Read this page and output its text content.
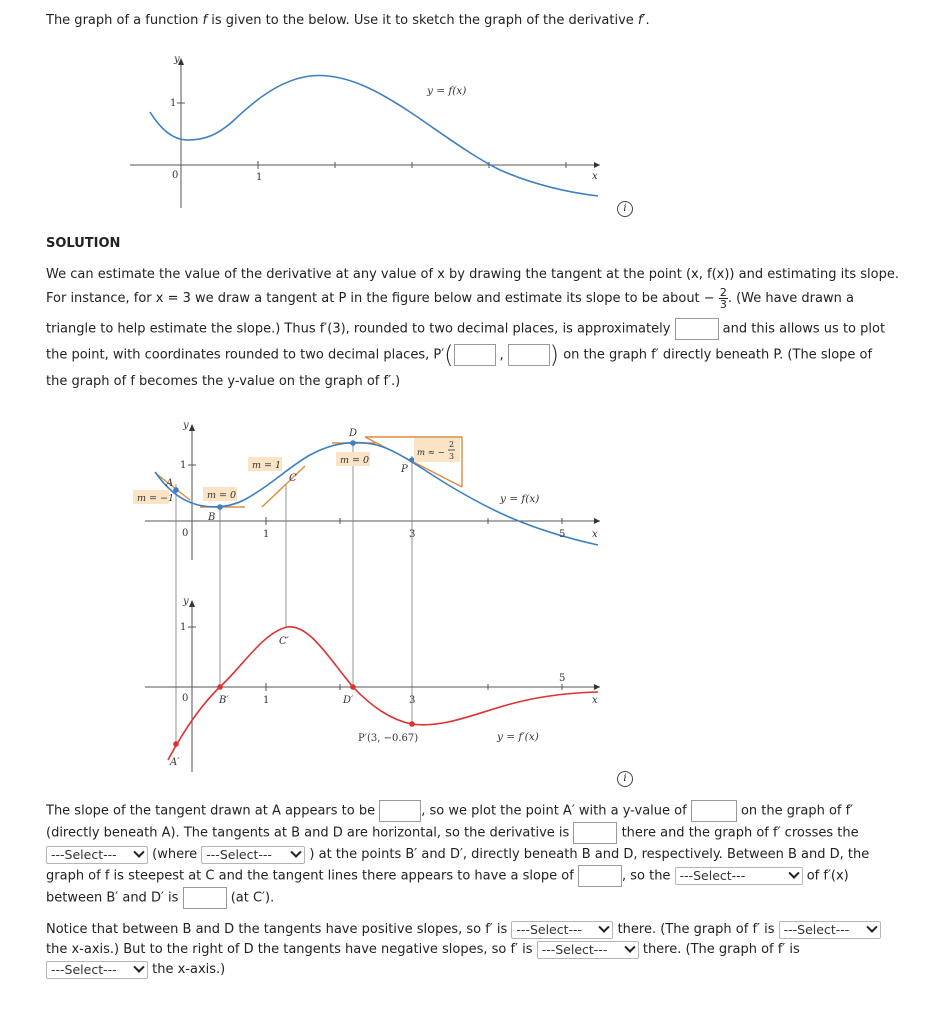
The graph of a function f is given to the below. Use it to sketch the graph of the derivative f′.
y
1
0	1	x
y = f(x)
i
SOLUTION
We can estimate the value of the derivative at any value of x by drawing the tangent at the point (x, f(x)) and estimating its slope.
For instance, for x = 3 we draw a tangent at P in the figure below and estimate its slope to be about − $\frac{2}{3}$ . (We have drawn a
triangle to help estimate the slope.) Thus f′(3), rounded to two decimal places, is approximately	and this allows us to plot
the point, with coordinates rounded to two decimal places, P′(	, ) on the graph f′ directly beneath P. (The slope of
the graph of f becomes the y-value on the graph of f′.)
m = −1	m = 0
m = 1	m = 0
m ≈ −
2
3
y
1
0	1	3	5	x
A
B
C
D
P
y = f(x)
y
1
0	1	3
5
x
A′
B′
C′
D′
P′(3, −0.67)	y = f′(x)
i
The slope of the tangent drawn at A appears to be	, so we plot the point A′ with a y-value of	on the graph of f′
(directly beneath A). The tangents at B and D are horizontal, so the derivative is	there and the graph of f′ crosses the
---Select---	(where ---Select---	) at the points B′ and D′, directly beneath B and D, respectively. Between B and D, the
graph of f is steepest at C and the tangent lines there appears to have a slope of	, so the ---Select---	of f′(x)
between B′ and D′ is	(at C′).
Notice that between B and D the tangents have positive slopes, so f′ is ---Select---	there. (The graph of f′ is ---Select---
the x-axis.) But to the right of D the tangents have negative slopes, so f′ is ---Select---	there. (The graph of f′ is
---Select---	the x-axis.)
